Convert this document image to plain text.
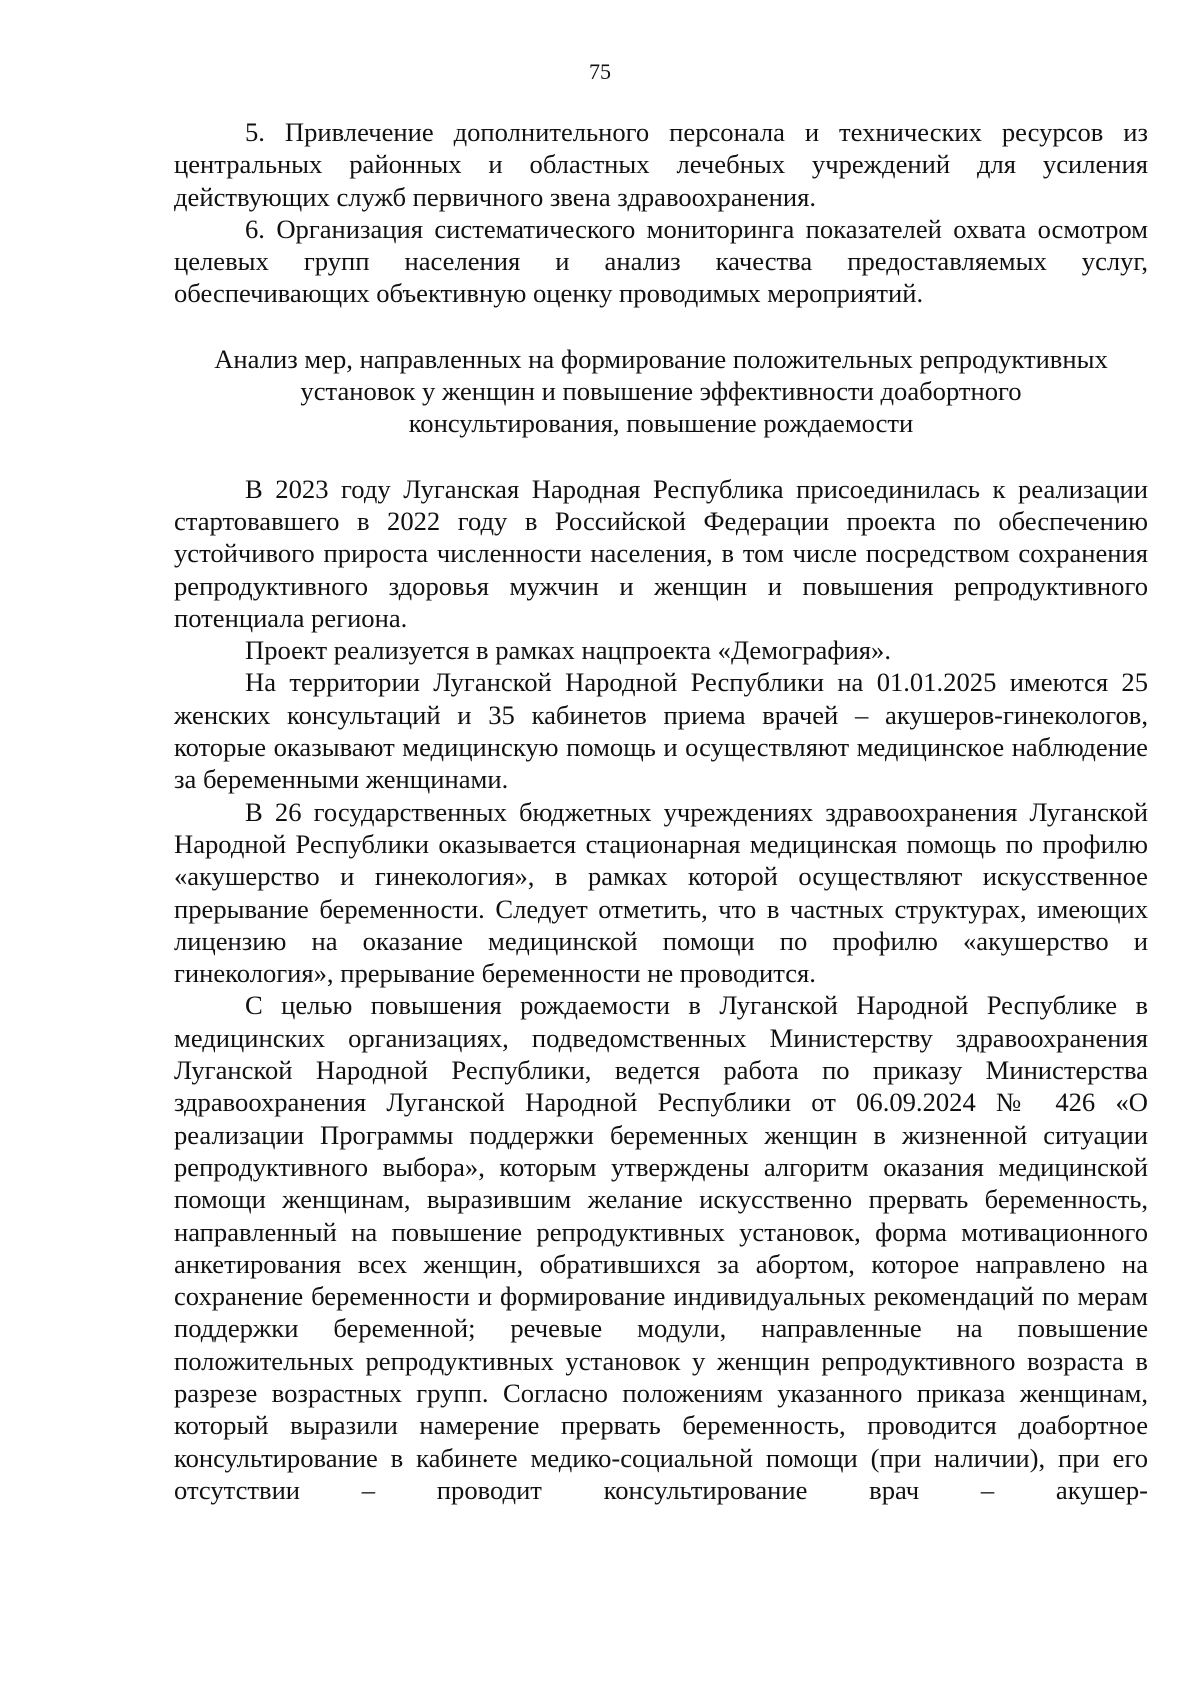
75

5. Привлечение дополнительного персонала и технических ресурсов из центральных районных и областных лечебных учреждений для усиления действующих служб первичного звена здравоохранения.

6. Организация систематического мониторинга показателей охвата осмотром целевых групп населения и анализ качества предоставляемых услуг, обеспечивающих объективную оценку проводимых мероприятий.

Анализ мер, направленных на формирование положительных репродуктивных
установок у женщин и повышение эффективности доабортного
консультирования, повышение рождаемости

В 2023 году Луганская Народная Республика присоединилась к реализации стартовавшего в 2022 году в Российской Федерации проекта по обеспечению устойчивого прироста численности населения, в том числе посредством сохранения репродуктивного здоровья мужчин и женщин и повышения репродуктивного потенциала региона.

Проект реализуется в рамках нацпроекта «Демография».

На территории Луганской Народной Республики на 01.01.2025 имеются 25 женских консультаций и 35 кабинетов приема врачей – акушеров-гинекологов, которые оказывают медицинскую помощь и осуществляют медицинское наблюдение за беременными женщинами.

В 26 государственных бюджетных учреждениях здравоохранения Луганской Народной Республики оказывается стационарная медицинская помощь по профилю «акушерство и гинекология», в рамках которой осуществляют искусственное прерывание беременности. Следует отметить, что в частных структурах, имеющих лицензию на оказание медицинской помощи по профилю «акушерство и гинекология», прерывание беременности не проводится.

С целью повышения рождаемости в Луганской Народной Республике в медицинских организациях, подведомственных Министерству здравоохранения Луганской Народной Республики, ведется работа по приказу Министерства здравоохранения Луганской Народной Республики от 06.09.2024 № 426 «О реализации Программы поддержки беременных женщин в жизненной ситуации репродуктивного выбора», которым утверждены алгоритм оказания медицинской помощи женщинам, выразившим желание искусственно прервать беременность, направленный на повышение репродуктивных установок, форма мотивационного анкетирования всех женщин, обратившихся за абортом, которое направлено на сохранение беременности и формирование индивидуальных рекомендаций по мерам поддержки беременной; речевые модули, направленные на повышение положительных репродуктивных установок у женщин репродуктивного возраста в разрезе возрастных групп. Согласно положениям указанного приказа женщинам, который выразили намерение прервать беременность, проводится доабортное консультирование в кабинете медико-социальной помощи (при наличии), при его отсутствии – проводит консультирование врач – акушер-
